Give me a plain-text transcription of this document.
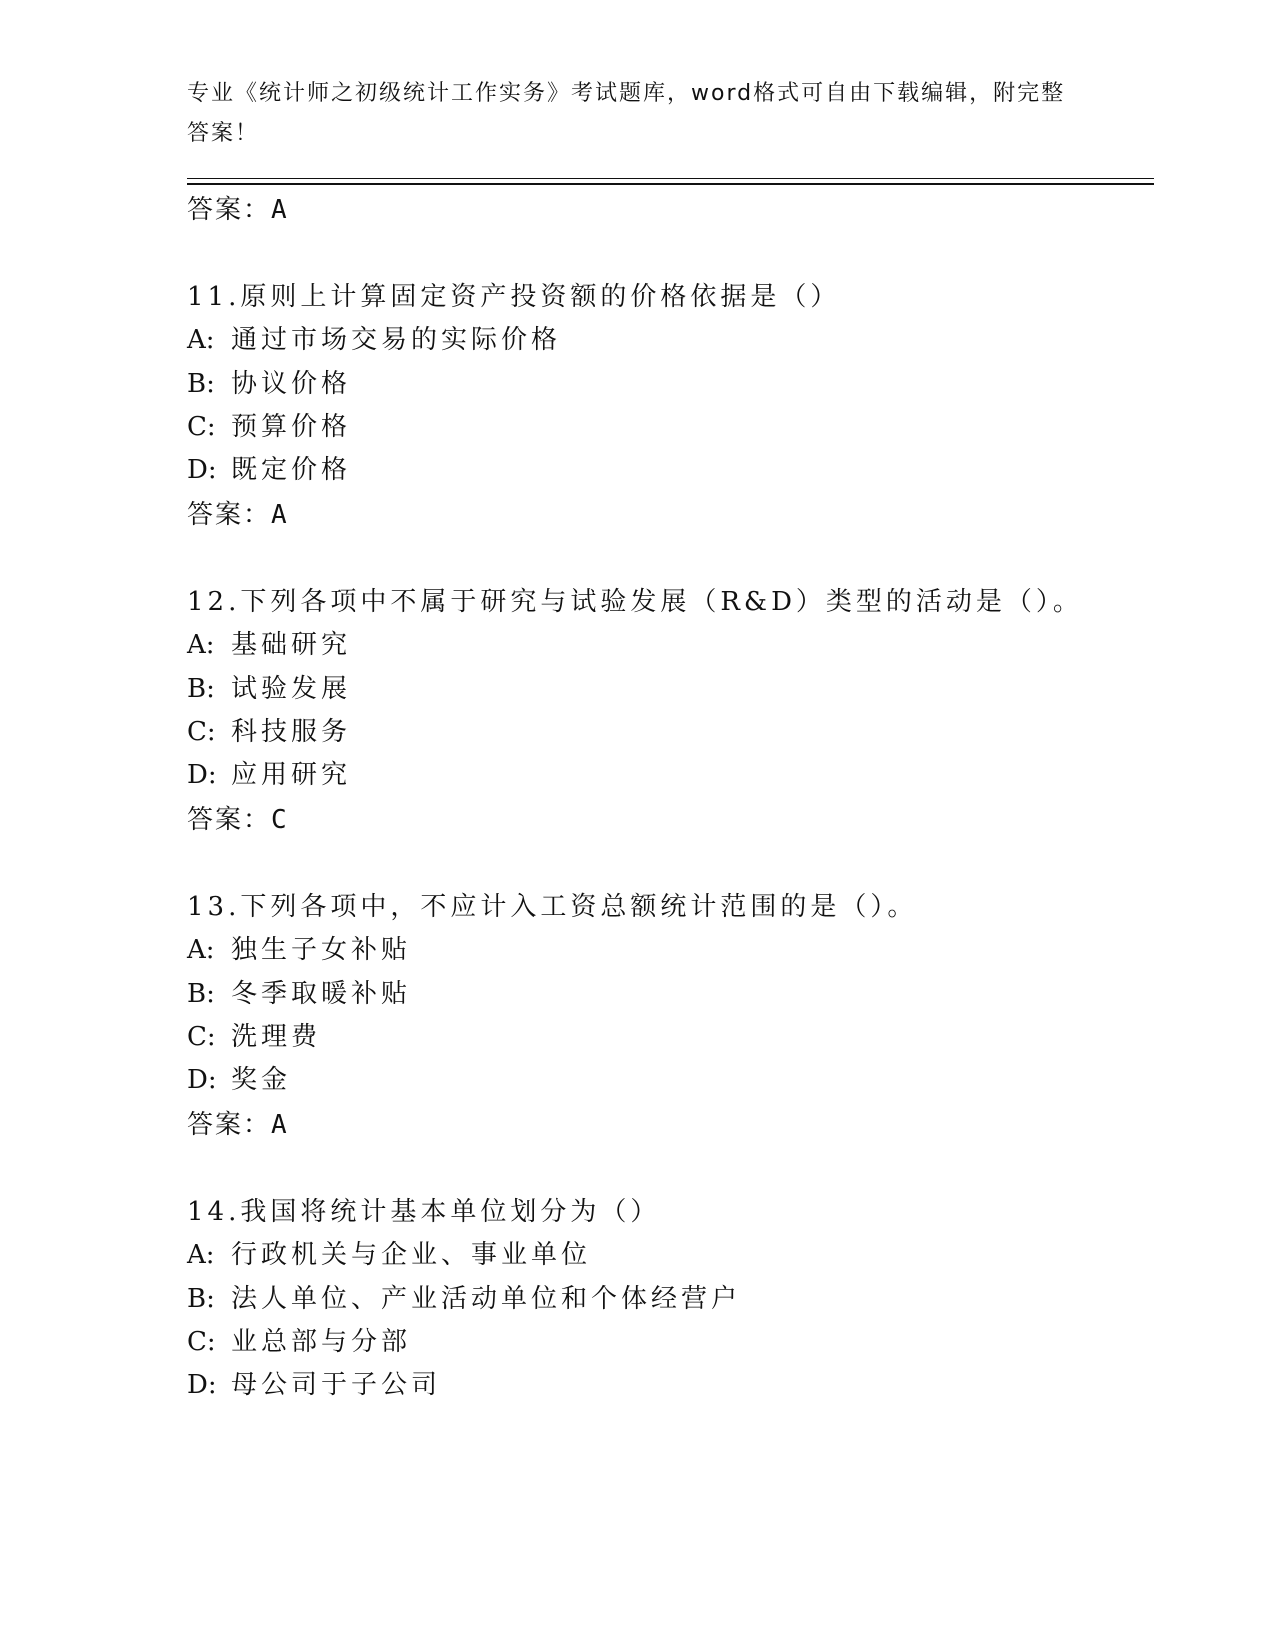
专业《统计师之初级统计工作实务》考试题库，word格式可自由下载编辑，附完整答案！
答案：A
11.原则上计算固定资产投资额的价格依据是（）
A: 通过市场交易的实际价格
B: 协议价格
C: 预算价格
D: 既定价格
答案：A
12.下列各项中不属于研究与试验发展（R&D）类型的活动是（）。
A: 基础研究
B: 试验发展
C: 科技服务
D: 应用研究
答案：C
13.下列各项中，不应计入工资总额统计范围的是（）。
A: 独生子女补贴
B: 冬季取暖补贴
C: 洗理费
D: 奖金
答案：A
14.我国将统计基本单位划分为（）
A: 行政机关与企业、事业单位
B: 法人单位、产业活动单位和个体经营户
C: 业总部与分部
D: 母公司于子公司
